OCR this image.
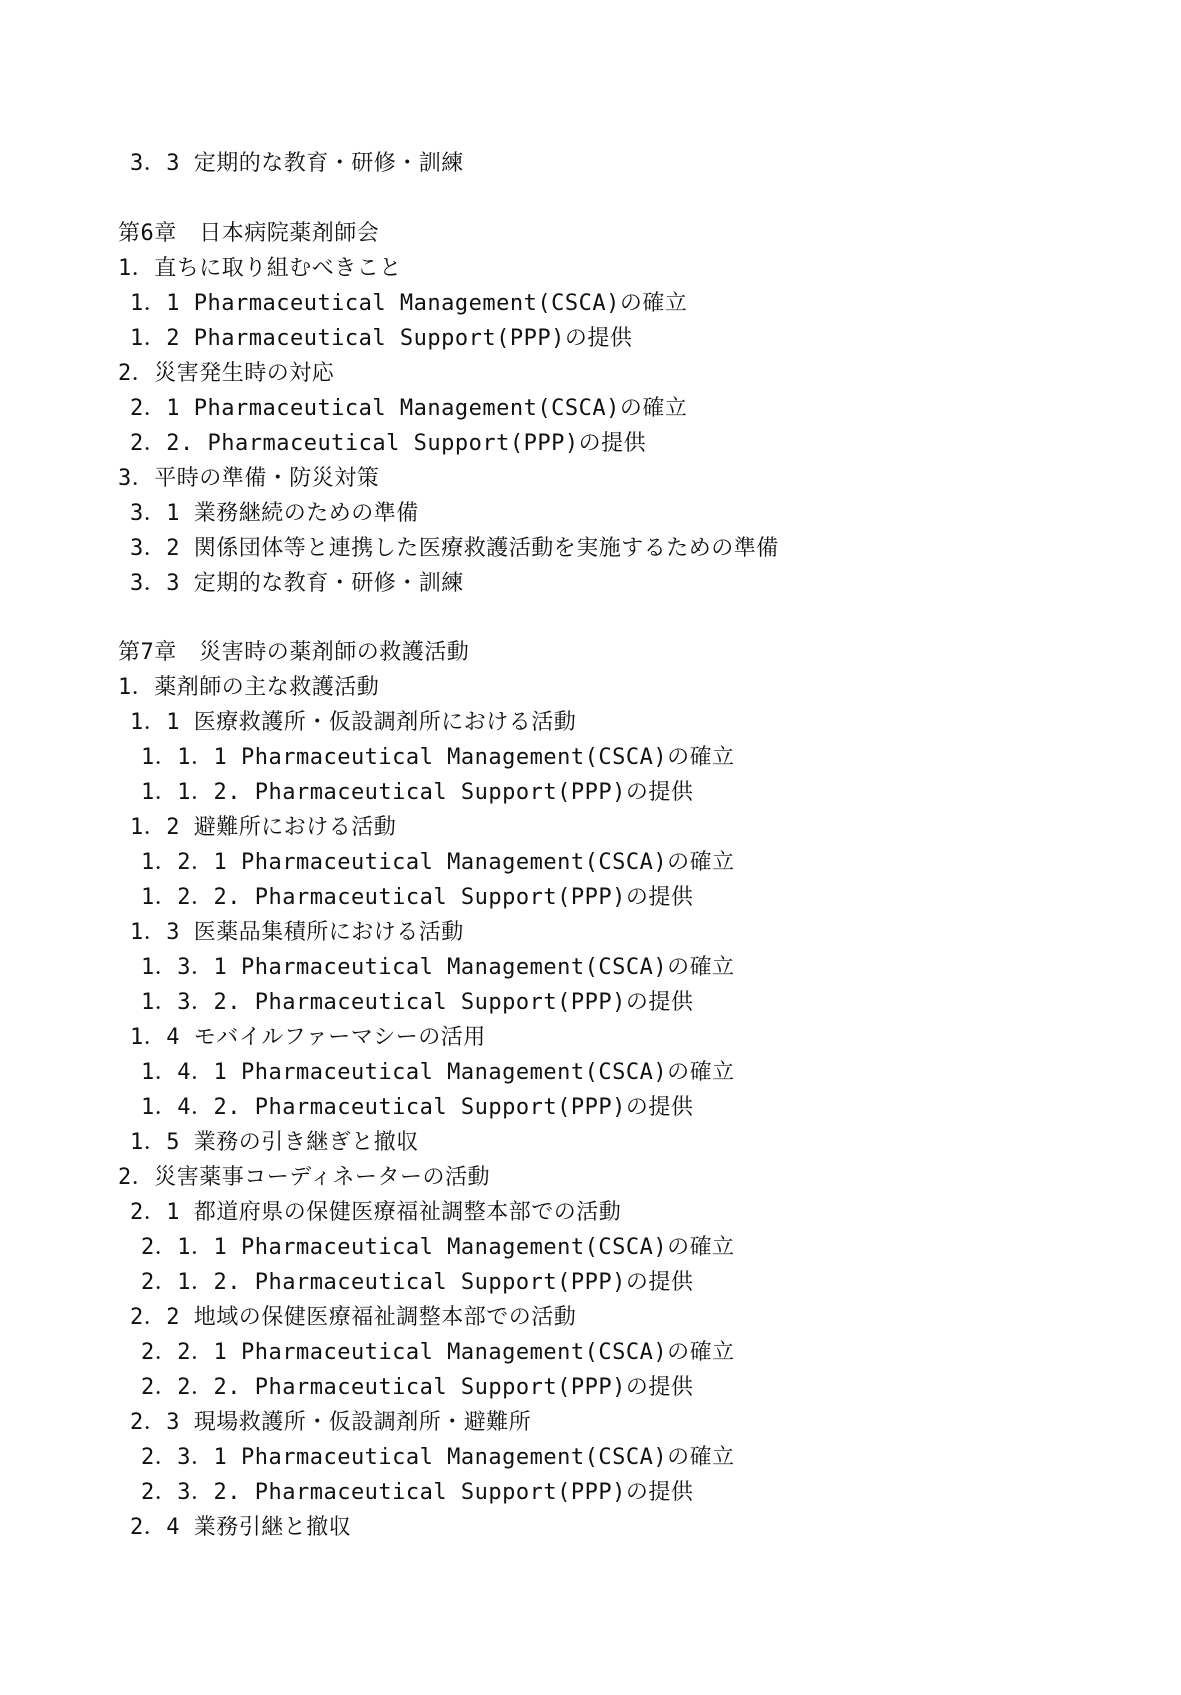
3．3 定期的な教育・研修・訓練
第6章　日本病院薬剤師会
1．直ちに取り組むべきこと
1．1 Pharmaceutical Management(CSCA)の確立
1．2 Pharmaceutical Support(PPP)の提供
2．災害発生時の対応
2．1 Pharmaceutical Management(CSCA)の確立
2．2. Pharmaceutical Support(PPP)の提供
3．平時の準備・防災対策
3．1 業務継続のための準備
3．2 関係団体等と連携した医療救護活動を実施するための準備
3．3 定期的な教育・研修・訓練
第7章　災害時の薬剤師の救護活動
1．薬剤師の主な救護活動
1．1 医療救護所・仮設調剤所における活動
1．1．1 Pharmaceutical Management(CSCA)の確立
1．1．2. Pharmaceutical Support(PPP)の提供
1．2 避難所における活動
1．2．1 Pharmaceutical Management(CSCA)の確立
1．2．2. Pharmaceutical Support(PPP)の提供
1．3 医薬品集積所における活動
1．3．1 Pharmaceutical Management(CSCA)の確立
1．3．2. Pharmaceutical Support(PPP)の提供
1．4 モバイルファーマシーの活用
1．4．1 Pharmaceutical Management(CSCA)の確立
1．4．2. Pharmaceutical Support(PPP)の提供
1．5 業務の引き継ぎと撤収
2．災害薬事コーディネーターの活動
2．1 都道府県の保健医療福祉調整本部での活動
2．1．1 Pharmaceutical Management(CSCA)の確立
2．1．2. Pharmaceutical Support(PPP)の提供
2．2 地域の保健医療福祉調整本部での活動
2．2．1 Pharmaceutical Management(CSCA)の確立
2．2．2. Pharmaceutical Support(PPP)の提供
2．3 現場救護所・仮設調剤所・避難所
2．3．1 Pharmaceutical Management(CSCA)の確立
2．3．2. Pharmaceutical Support(PPP)の提供
2．4 業務引継と撤収
